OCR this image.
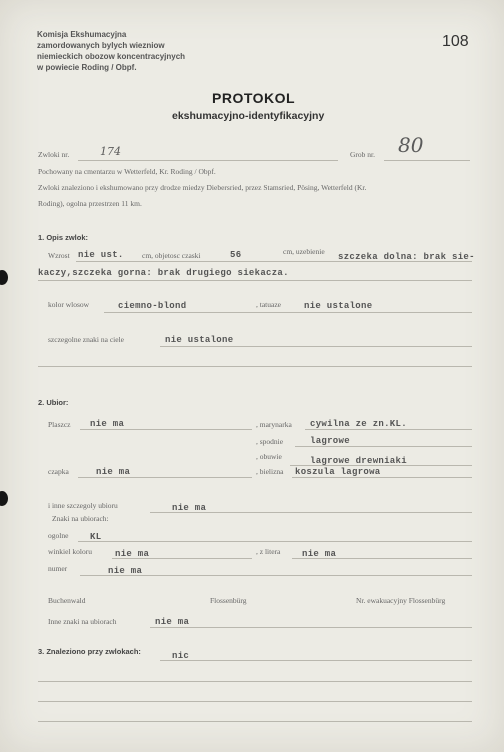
Komisja Ekshumacyjna
zamordowanych bylych wiezniow
niemieckich obozow koncentracyjnych
w powiecie Roding / Obpf.
108
PROTOKOL
ekshumacyjno-identyfikacyjny
Zwloki nr.	174	Grob nr. 80
Pochowany na cmentarzu w Wetterfeld, Kr. Roding / Obpf.
Zwloki znaleziono i ekshumowano przy drodze miedzy Diebersried, przez Stamsried, Pösing, Wetterfeld (Kr.
Roding), ogolna przestrzen 11 km.
1. Opis zwlok:
Wzrost nie ust. cm, objetosc czaski	56	cm, uzebienie
szczeka dolna: brak sie-
kaczy,szczeka gorna: brak drugiego siekacza.
kolor wlosow	ciemno-blond	, tatuaze	nie ustalone
szczegolne znaki na ciele	nie ustalone
2. Ubior:
Plaszcz nie ma	, marynarka cywilna ze zn.KL.
, spodnie	lagrowe
, obuwie	lagrowe drewniaki
czapka	nie ma	, bielizna koszula lagrowa
i inne szczegoly ubioru	nie ma
Znaki na ubiorach:
ogolne KL
winkiel koloru	nie ma	, z litera nie ma
numer	nie ma
Buchenwald	Flossenbürg	Nr. ewakuacyjny Flossenbürg
Inne znaki na ubiorach	nie ma
3. Znaleziono przy zwlokach:	nic
